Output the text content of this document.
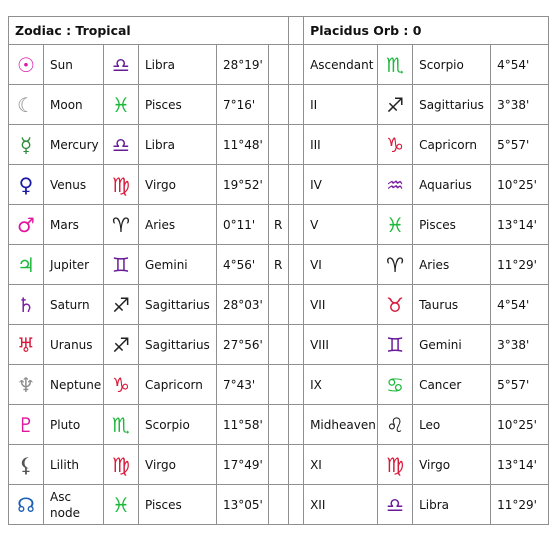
Zodiac : Tropical							Placidus Orb : 0			
☉	Sun	♎︎	Libra	28°19'			Ascendant	♏︎	Scorpio	4°54'
☾	Moon	♓︎	Pisces	7°16'			II	♐︎	Sagittarius	3°38'
☿	Mercury	♎︎	Libra	11°48'			III	♑︎	Capricorn	5°57'
♀	Venus	♍︎	Virgo	19°52'			IV	♒︎	Aquarius	10°25'
♂	Mars	♈︎	Aries	0°11'	R		V	♓︎	Pisces	13°14'
♃	Jupiter	♊︎	Gemini	4°56'	R		VI	♈︎	Aries	11°29'
♄	Saturn	♐︎	Sagittarius	28°03'			VII	♉︎	Taurus	4°54'
♅	Uranus	♐︎	Sagittarius	27°56'			VIII	♊︎	Gemini	3°38'
♆	Neptune	♑︎	Capricorn	7°43'			IX	♋︎	Cancer	5°57'
♇	Pluto	♏︎	Scorpio	11°58'			Midheaven	♌︎	Leo	10°25'
⚸	Lilith	♍︎	Virgo	17°49'			XI	♍︎	Virgo	13°14'
☊	Asc node	♓︎	Pisces	13°05'			XII	♎︎	Libra	11°29'
